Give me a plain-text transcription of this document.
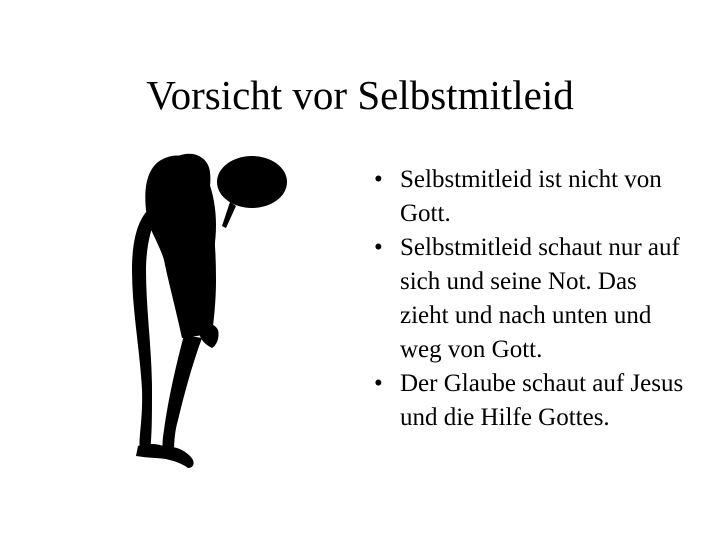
Vorsicht vor Selbstmitleid
• Selbstmitleid ist nicht von Gott.
• Selbstmitleid schaut nur auf sich und seine Not. Das zieht und nach unten und weg von Gott.
• Der Glaube schaut auf Jesus und die Hilfe Gottes.
